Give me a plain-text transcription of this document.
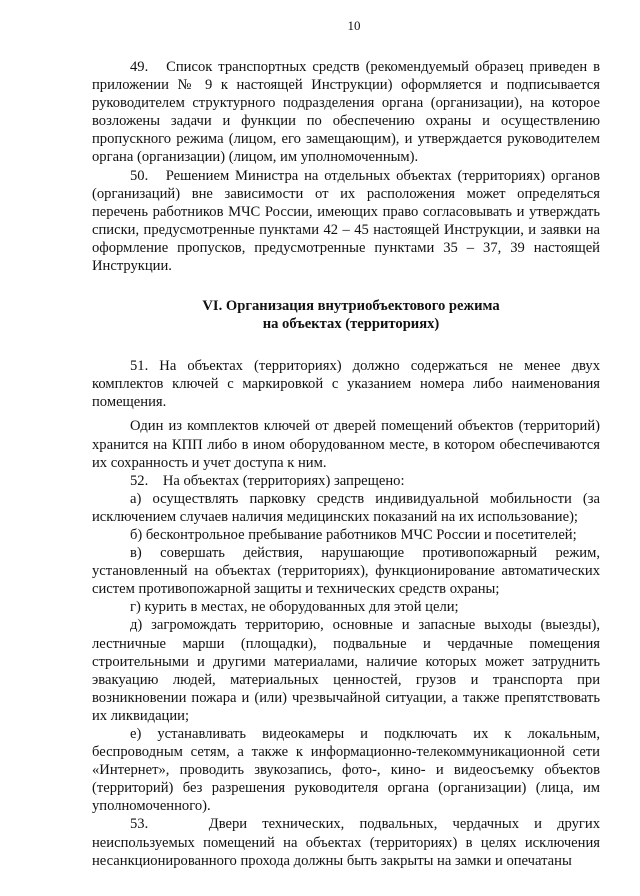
10

49.   Список транспортных средств (рекомендуемый образец приведен в приложении № 9 к настоящей Инструкции) оформляется и подписывается руководителем структурного подразделения органа (организации), на которое возложены задачи и функции по обеспечению охраны и осуществлению пропускного режима (лицом, его замещающим), и утверждается руководителем органа (организации) (лицом, им уполномоченным).

50.   Решением Министра на отдельных объектах (территориях) органов (организаций) вне зависимости от их расположения может определяться перечень работников МЧС России, имеющих право согласовывать и утверждать списки, предусмотренные пунктами 42 – 45 настоящей Инструкции, и заявки на оформление пропусков, предусмотренные пунктами 35 – 37, 39 настоящей Инструкции.

VI. Организация внутриобъектового режима
на объектах (территориях)

51. На объектах (территориях) должно содержаться не менее двух комплектов ключей с маркировкой с указанием номера либо наименования помещения.

Один из комплектов ключей от дверей помещений объектов (территорий) хранится на КПП либо в ином оборудованном месте, в котором обеспечиваются их сохранность и учет доступа к ним.

52.    На объектах (территориях) запрещено:

а) осуществлять парковку средств индивидуальной мобильности (за исключением случаев наличия медицинских показаний на их использование);

б) бесконтрольное пребывание работников МЧС России и посетителей;

в) совершать действия, нарушающие противопожарный режим, установленный на объектах (территориях), функционирование автоматических систем противопожарной защиты и технических средств охраны;

г) курить в местах, не оборудованных для этой цели;

д) загромождать территорию, основные и запасные выходы (выезды), лестничные марши (площадки), подвальные и чердачные помещения строительными и другими материалами, наличие которых может затруднить эвакуацию людей, материальных ценностей, грузов и транспорта при возникновении пожара и (или) чрезвычайной ситуации, а также препятствовать их ликвидации;

е) устанавливать видеокамеры и подключать их к локальным, беспроводным сетям, а также к информационно-телекоммуникационной сети «Интернет», проводить звукозапись, фото-, кино- и видеосъемку объектов (территорий) без разрешения руководителя органа (организации) (лица, им уполномоченного).

53.    Двери технических, подвальных, чердачных и других неиспользуемых помещений на объектах (территориях) в целях исключения несанкционированного прохода должны быть закрыты на замки и опечатаны
